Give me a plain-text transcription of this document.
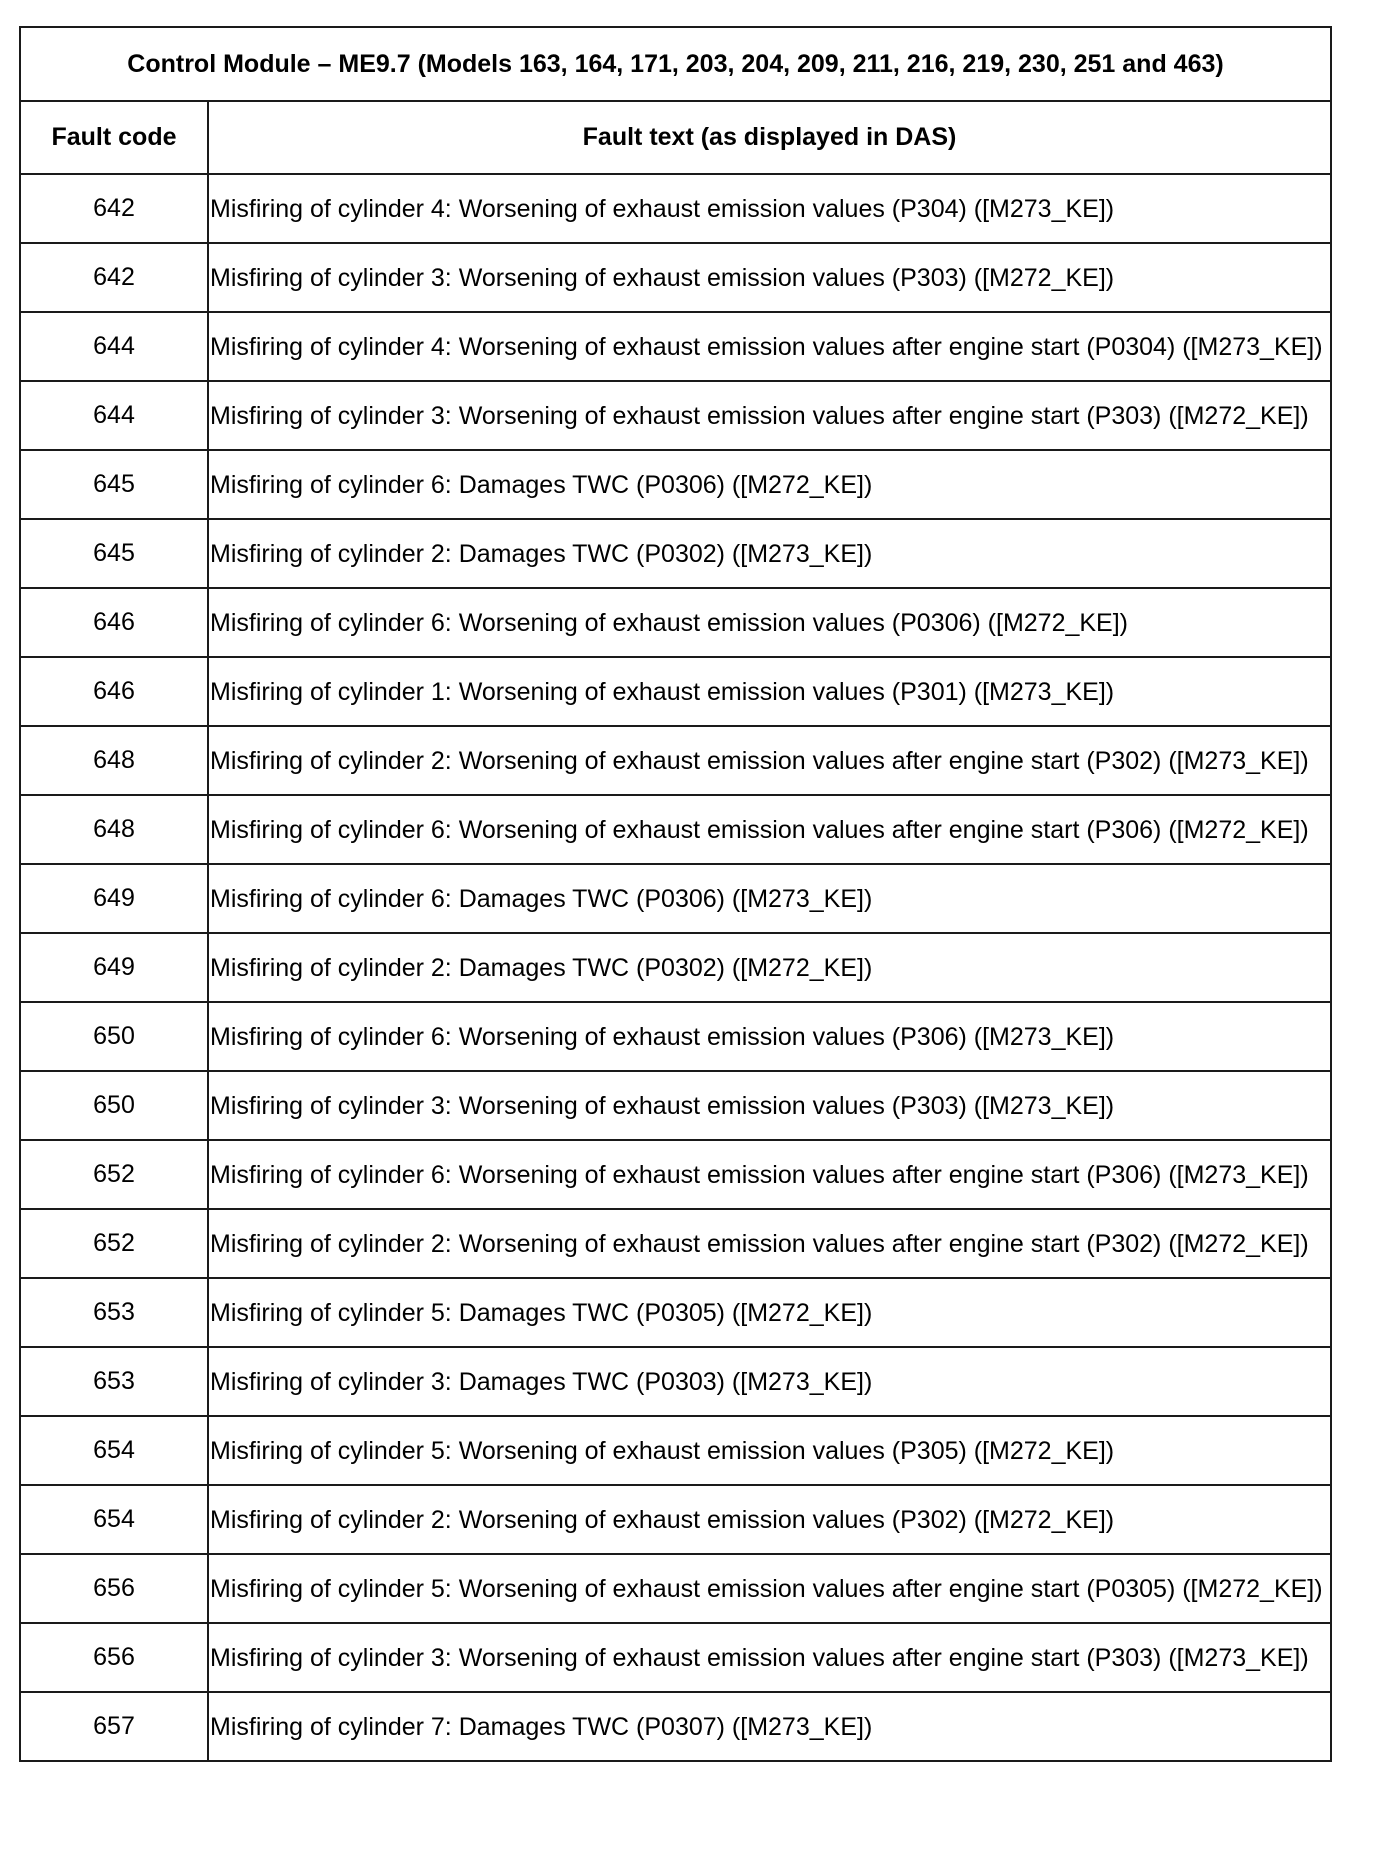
Control Module – ME9.7 (Models 163, 164, 171, 203, 204, 209, 211, 216, 219, 230, 251 and 463)	
Fault code	Fault text (as displayed in DAS)
642	Misfiring of cylinder 4: Worsening of exhaust emission values (P304) ([M273_KE])
642	Misfiring of cylinder 3: Worsening of exhaust emission values (P303) ([M272_KE])
644	Misfiring of cylinder 4: Worsening of exhaust emission values after engine start (P0304) ([M273_KE])
644	Misfiring of cylinder 3: Worsening of exhaust emission values after engine start (P303) ([M272_KE])
645	Misfiring of cylinder 6: Damages TWC (P0306) ([M272_KE])
645	Misfiring of cylinder 2: Damages TWC (P0302) ([M273_KE])
646	Misfiring of cylinder 6: Worsening of exhaust emission values (P0306) ([M272_KE])
646	Misfiring of cylinder 1: Worsening of exhaust emission values (P301) ([M273_KE])
648	Misfiring of cylinder 2: Worsening of exhaust emission values after engine start (P302) ([M273_KE])
648	Misfiring of cylinder 6: Worsening of exhaust emission values after engine start (P306) ([M272_KE])
649	Misfiring of cylinder 6: Damages TWC (P0306) ([M273_KE])
649	Misfiring of cylinder 2: Damages TWC (P0302) ([M272_KE])
650	Misfiring of cylinder 6: Worsening of exhaust emission values (P306) ([M273_KE])
650	Misfiring of cylinder 3: Worsening of exhaust emission values (P303) ([M273_KE])
652	Misfiring of cylinder 6: Worsening of exhaust emission values after engine start (P306) ([M273_KE])
652	Misfiring of cylinder 2: Worsening of exhaust emission values after engine start (P302) ([M272_KE])
653	Misfiring of cylinder 5: Damages TWC (P0305) ([M272_KE])
653	Misfiring of cylinder 3: Damages TWC (P0303) ([M273_KE])
654	Misfiring of cylinder 5: Worsening of exhaust emission values (P305) ([M272_KE])
654	Misfiring of cylinder 2: Worsening of exhaust emission values (P302) ([M272_KE])
656	Misfiring of cylinder 5: Worsening of exhaust emission values after engine start (P0305) ([M272_KE])
656	Misfiring of cylinder 3: Worsening of exhaust emission values after engine start (P303) ([M273_KE])
657	Misfiring of cylinder 7: Damages TWC (P0307) ([M273_KE])
